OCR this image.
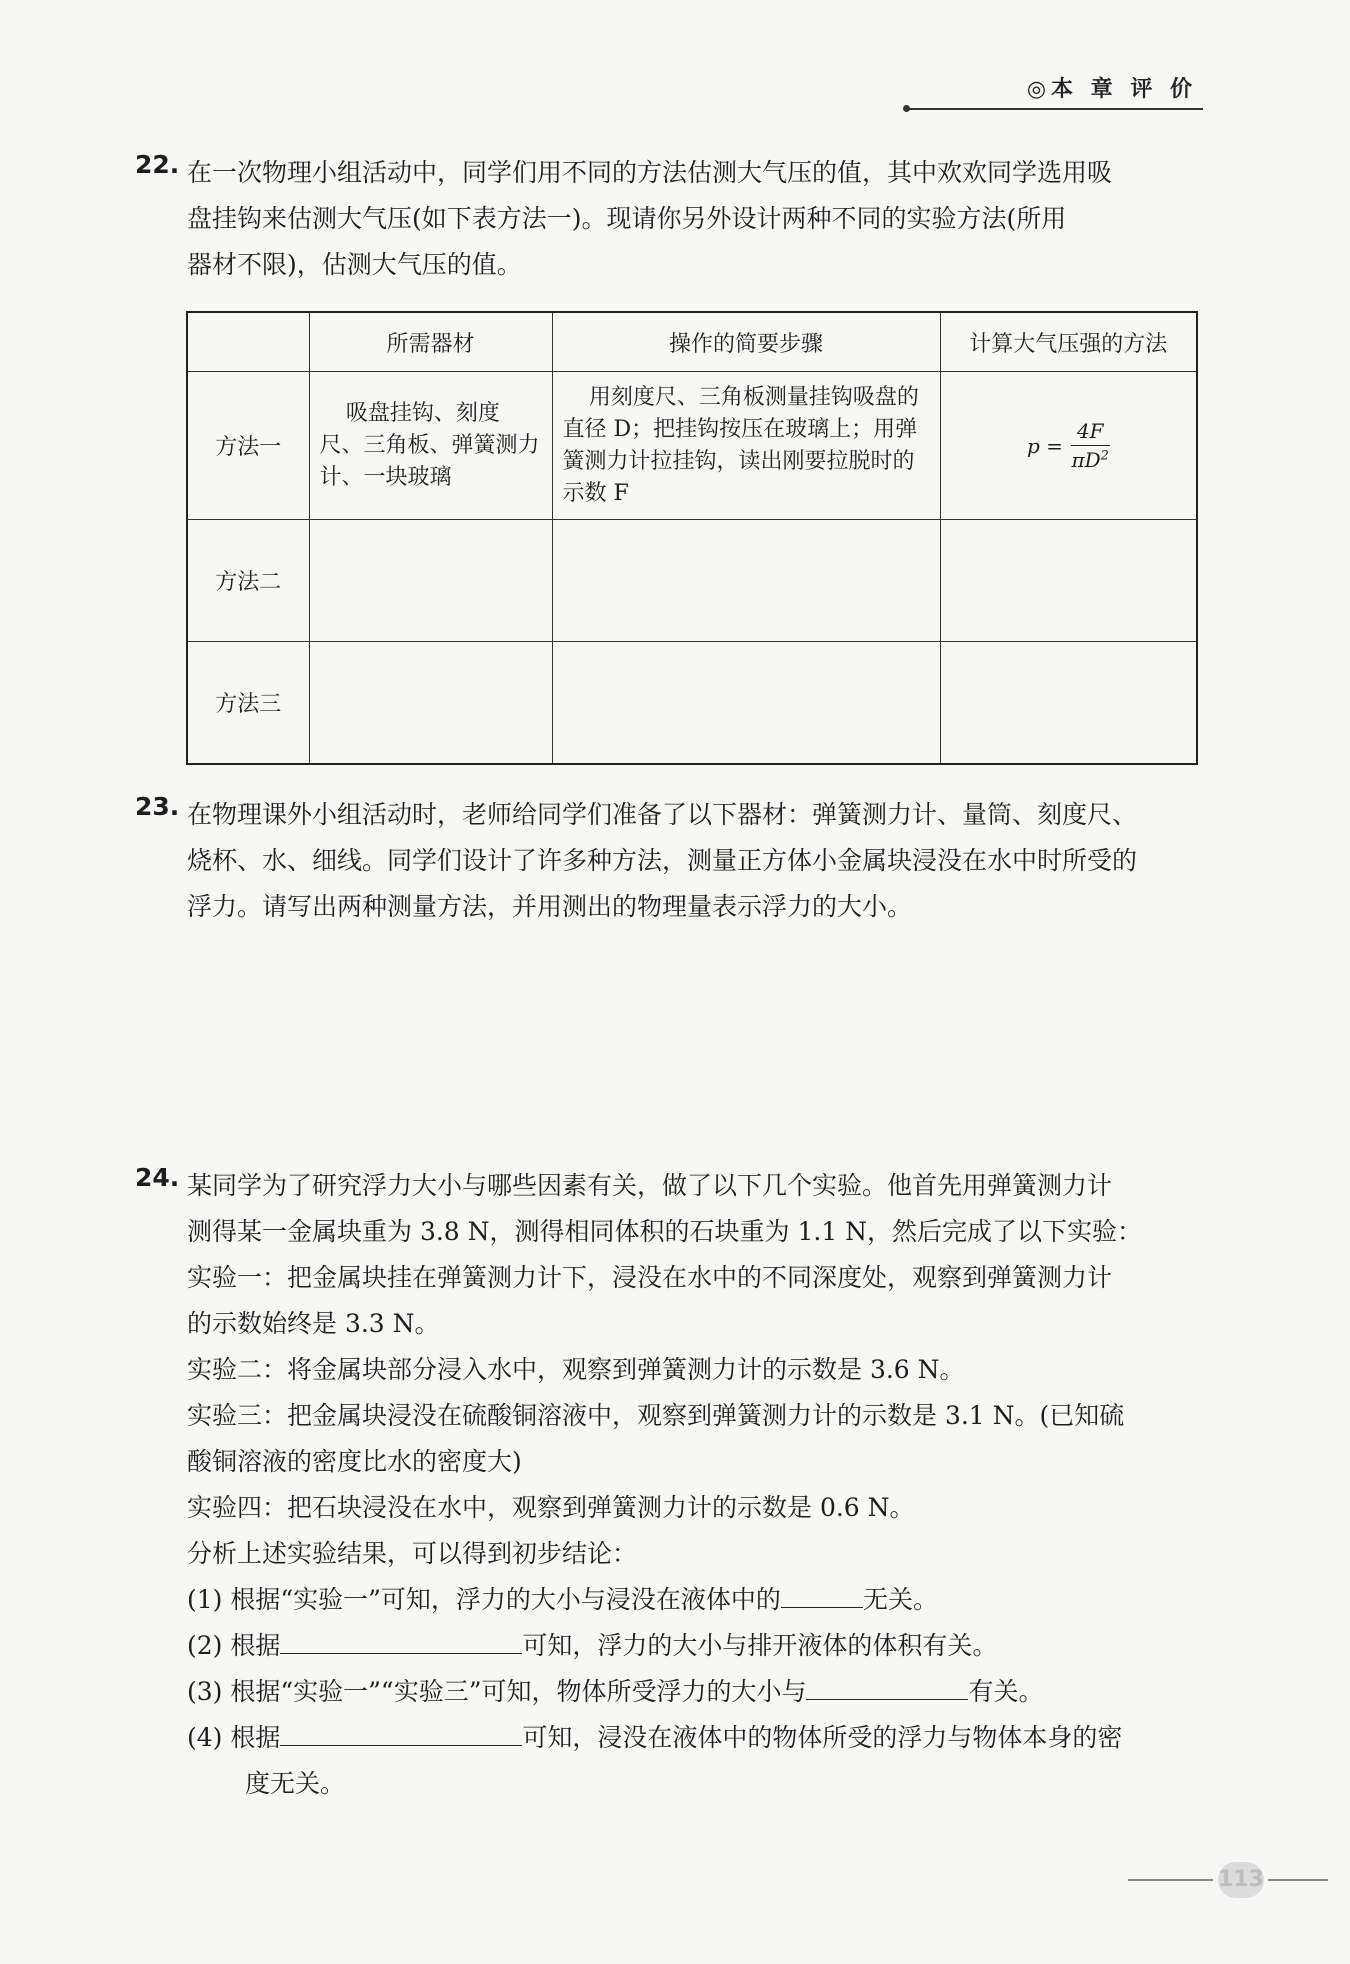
◎本 章 评 价
22. 在一次物理小组活动中，同学们用不同的方法估测大气压的值，其中欢欢同学选用吸
盘挂钩来估测大气压(如下表方法一)。现请你另外设计两种不同的实验方法(所用
器材不限)，估测大气压的值。
	所需器材	操作的简要步骤	计算大气压强的方法
方法一	吸盘挂钩、刻度尺、三角板、弹簧测力计、一块玻璃	用刻度尺、三角板测量挂钩吸盘的直径 D；把挂钩按压在玻璃上；用弹簧测力计拉挂钩，读出刚要拉脱时的示数 F	$p = \frac{4F}{\pi D^2}$

方法二			
方法三			
23. 在物理课外小组活动时，老师给同学们准备了以下器材：弹簧测力计、量筒、刻度尺、
烧杯、水、细线。同学们设计了许多种方法，测量正方体小金属块浸没在水中时所受的
浮力。请写出两种测量方法，并用测出的物理量表示浮力的大小。
24. 某同学为了研究浮力大小与哪些因素有关，做了以下几个实验。他首先用弹簧测力计
测得某一金属块重为 3.8 N，测得相同体积的石块重为 1.1 N，然后完成了以下实验：
实验一：把金属块挂在弹簧测力计下，浸没在水中的不同深度处，观察到弹簧测力计
的示数始终是 3.3 N。
实验二：将金属块部分浸入水中，观察到弹簧测力计的示数是 3.6 N。
实验三：把金属块浸没在硫酸铜溶液中，观察到弹簧测力计的示数是 3.1 N。(已知硫
酸铜溶液的密度比水的密度大)
实验四：把石块浸没在水中，观察到弹簧测力计的示数是 0.6 N。
分析上述实验结果，可以得到初步结论：
(1) 根据“实验一”可知，浮力的大小与浸没在液体中的	无关。
(2) 根据	可知，浮力的大小与排开液体的体积有关。
(3) 根据“实验一”“实验三”可知，物体所受浮力的大小与	有关。
(4) 根据	可知，浸没在液体中的物体所受的浮力与物体本身的密
度无关。
113
